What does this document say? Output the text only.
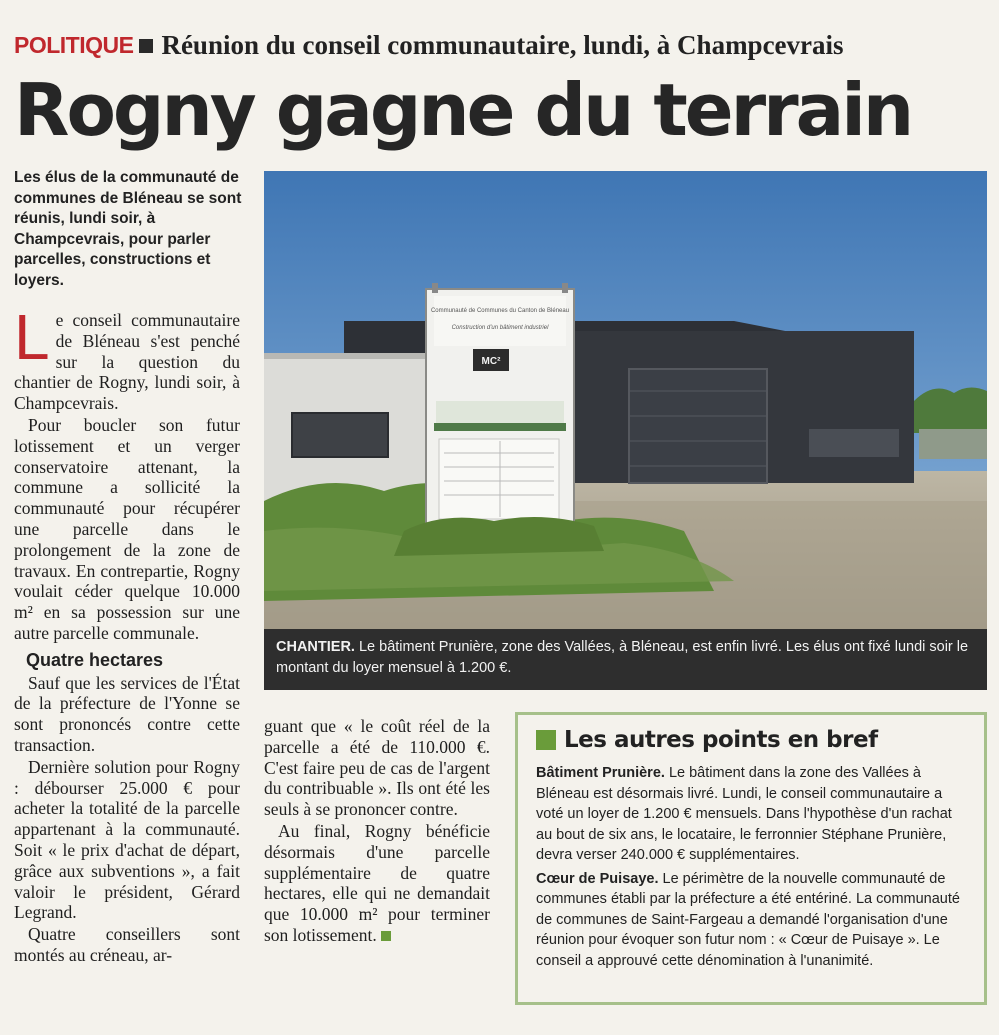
POLITIQUE Réunion du conseil communautaire, lundi, à Champcevrais
Rogny gagne du terrain
Les élus de la communauté de communes de Bléneau se sont réunis, lundi soir, à Champcevrais, pour parler parcelles, constructions et loyers.

Le conseil communautaire de Bléneau s'est penché sur la question du chantier de Rogny, lundi soir, à Champcevrais.

Pour boucler son futur lotissement et un verger conservatoire attenant, la commune a sollicité la communauté pour récupérer une parcelle dans le prolongement de la zone de travaux. En contrepartie, Rogny voulait céder quelque 10.000 m² en sa possession sur une autre parcelle communale.

Quatre hectares

Sauf que les services de l'État de la préfecture de l'Yonne se sont prononcés contre cette transaction.

Dernière solution pour Rogny : débourser 25.000 € pour acheter la totalité de la parcelle appartenant à la communauté. Soit « le prix d'achat de départ, grâce aux subventions », a fait valoir le président, Gérard Legrand.

Quatre conseillers sont montés au créneau, ar-

guant que « le coût réel de la parcelle a été de 110.000 €. C'est faire peu de cas de l'argent du contribuable ». Ils ont été les seuls à se prononcer contre.

Au final, Rogny bénéficie désormais d'une parcelle supplémentaire de quatre hectares, elle qui ne demandait que 10.000 m² pour terminer son lotissement.

Communauté de Communes du Canton de Bléneau
Construction d'un bâtiment industriel
MC²
CHANTIER. Le bâtiment Prunière, zone des Vallées, à Bléneau, est enfin livré. Les élus ont fixé lundi soir le montant du loyer mensuel à 1.200 €.
Les autres points en bref

Bâtiment Prunière. Le bâtiment dans la zone des Vallées à Bléneau est désormais livré. Lundi, le conseil communautaire a voté un loyer de 1.200 € mensuels. Dans l'hypothèse d'un rachat au bout de six ans, le locataire, le ferronnier Stéphane Prunière, devra verser 240.000 € supplémentaires.

Cœur de Puisaye. Le périmètre de la nouvelle communauté de communes établi par la préfecture a été entériné. La communauté de communes de Saint-Fargeau a demandé l'organisation d'une réunion pour évoquer son futur nom : « Cœur de Puisaye ». Le conseil a approuvé cette dénomination à l'unanimité.
